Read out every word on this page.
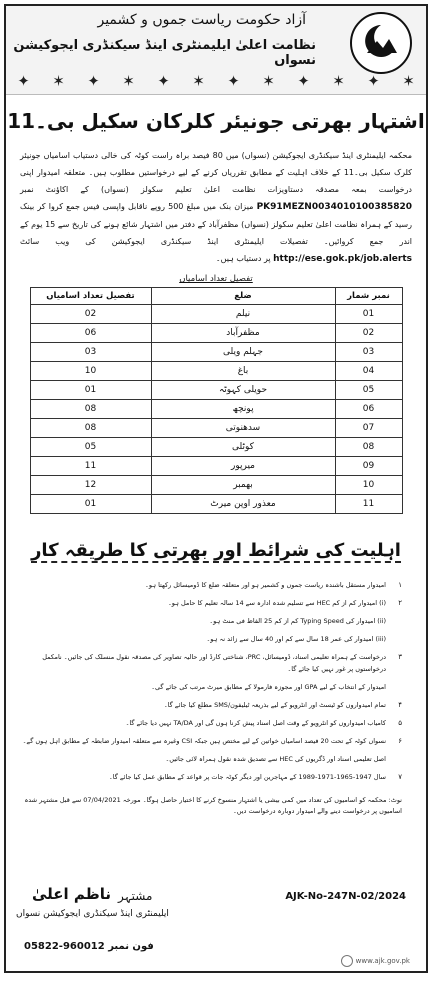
آزاد حکومت ریاست جموں و کشمیر
نظامت اعلیٰ ایلیمنٹری اینڈ سیکنڈری ایجوکیشن نسواں
✦ ✶ ✦ ✶ ✦ ✶ ✦ ✶ ✦ ✶ ✦ ✶
اشتہار بھرتی جونیئر کلرکان سکیل بی۔11
محکمہ ایلیمنٹری اینڈ سیکنڈری ایجوکیشن (نسواں) میں 80 فیصد براہ راست کوٹہ کی خالی دستیاب اسامیاں جونیئر کلرک سکیل بی۔11 کے خلاف اہلیت کے مطابق تقرریاں کرنے کے لیے درخواستیں مطلوب ہیں۔ متعلقہ امیدوار اپنی درخواست بمعہ مصدقہ دستاویزات نظامت اعلیٰ تعلیم سکولز (نسواں) کے اکاؤنٹ نمبر PK91MEZN0034010100385820 میزان بنک میں مبلغ 500 روپے ناقابل واپسی فیس جمع کروا کر بینک رسید کے ہمراہ نظامت اعلیٰ تعلیم سکولز (نسواں) مظفرآباد کے دفتر میں اشتہار شائع ہونے کی تاریخ سے 15 یوم کے اندر جمع کروائیں۔ تفصیلات ایلیمنٹری اینڈ سیکنڈری ایجوکیشن کی ویب سائٹ http://ese.gok.pk/job.alerts پر دستیاب ہیں۔
تفصیل تعداد اسامیاں
نمبر شمار	ضلع	تفصیل تعداد اسامیاں
01	نیلم	02
02	مظفرآباد	06
03	جہلم ویلی	03
04	باغ	10
05	حویلی کہوٹہ	01
06	پونچھ	08
07	سدھنوتی	08
08	کوٹلی	05
09	میرپور	11
10	بھمبر	12
11	معذور اوپن میرٹ	01
اہلیت کی شرائط اور بھرتی کا طریقہ کار
۱ امیدوار مستقل باشندہ ریاست جموں و کشمیر ہو اور متعلقہ ضلع کا ڈومیسائل رکھتا ہو۔
۲ (i) امیدوار کم از کم HEC سے تسلیم شدہ ادارہ سے 14 سالہ تعلیم کا حامل ہو۔
(ii) امیدوار کی Typing Speed کم از کم 25 الفاظ فی منٹ ہو۔
(iii) امیدوار کی عمر 18 سال سے کم اور 40 سال سے زائد نہ ہو۔
۳ درخواست کے ہمراہ تعلیمی اسناد، ڈومیسائل، PRC، شناختی کارڈ اور حالیہ تصاویر کی مصدقہ نقول منسلک کی جائیں۔ نامکمل درخواستوں پر غور نہیں کیا جائے گا۔
امیدوار کے انتخاب کے لیے GPA اور مجوزہ فارمولا کے مطابق میرٹ مرتب کی جائے گی۔
۴ تمام امیدواروں کو ٹیسٹ اور انٹرویو کے لیے بذریعہ ٹیلیفون/SMS مطلع کیا جائے گا۔
۵ کامیاب امیدواروں کو انٹرویو کے وقت اصل اسناد پیش کرنا ہوں گی اور TA/DA نہیں دیا جائے گا۔
۶ نسواں کوٹہ کے تحت 20 فیصد اسامیاں خواتین کے لیے مختص ہیں جبکہ CSI وغیرہ سے متعلقہ امیدوار ضابطہ کے مطابق اہل ہوں گے۔
اصل تعلیمی اسناد اور ڈگریوں کی HEC سے تصدیق شدہ نقول ہمراہ لائی جائیں۔
۷ سال 1947-1965-1971-1989 کے مہاجرین اور دیگر کوٹہ جات پر قواعد کے مطابق عمل کیا جائے گا۔
نوٹ: محکمہ کو اسامیوں کی تعداد میں کمی بیشی یا اشتہار منسوخ کرنے کا اختیار حاصل ہوگا۔ مورخہ 07/04/2021 سے قبل مشتہر شدہ اسامیوں پر درخواست دینے والے امیدوار دوبارہ درخواست دیں۔
ناظم اعلیٰ
ایلیمنٹری اینڈ سیکنڈری ایجوکیشن نسواں
مشتہر
05822-960012 فون نمبر
AJK-No-247N-02/2024
www.ajk.gov.pk
